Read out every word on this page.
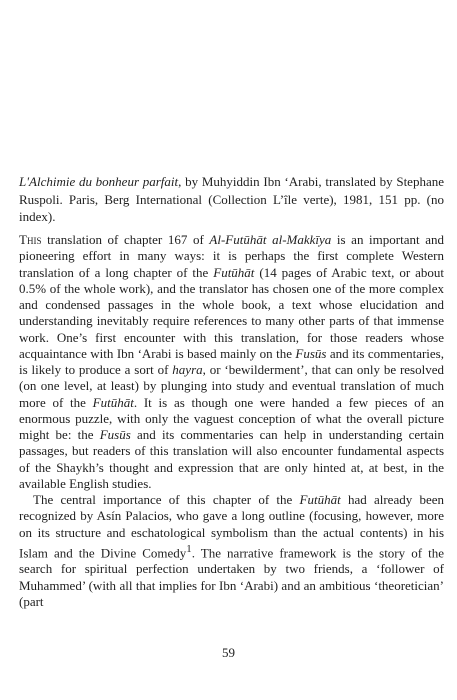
L'Alchimie du bonheur parfait, by Muhyiddin Ibn ‘Arabi, translated by Stephane Ruspoli. Paris, Berg International (Collection L’île verte), 1981, 151 pp. (no index).

This translation of chapter 167 of Al-Futūhāt al-Makkīya is an important and pioneering effort in many ways: it is perhaps the first complete Western translation of a long chapter of the Futūhāt (14 pages of Arabic text, or about 0.5% of the whole work), and the translator has chosen one of the more complex and condensed passages in the whole book, a text whose elucidation and understanding inevitably require references to many other parts of that immense work. One’s first encounter with this translation, for those readers whose acquaintance with Ibn ‘Arabi is based mainly on the Fusūs and its commentaries, is likely to produce a sort of hayra, or ‘bewilderment’, that can only be resolved (on one level, at least) by plunging into study and eventual translation of much more of the Futūhāt. It is as though one were handed a few pieces of an enormous puzzle, with only the vaguest conception of what the overall picture might be: the Fusūs and its commentaries can help in understanding certain passages, but readers of this translation will also encounter fundamental aspects of the Shaykh’s thought and expression that are only hinted at, at best, in the available English studies.

The central importance of this chapter of the Futūhāt had already been recognized by Asín Palacios, who gave a long outline (focusing, however, more on its structure and eschatological symbolism than the actual contents) in his Islam and the Divine Comedy$^1$. The narrative framework is the story of the search for spiritual perfection undertaken by two friends, a ‘follower of Muhammed’ (with all that implies for Ibn ‘Arabi) and an ambitious ‘theoretician’ (part

59
